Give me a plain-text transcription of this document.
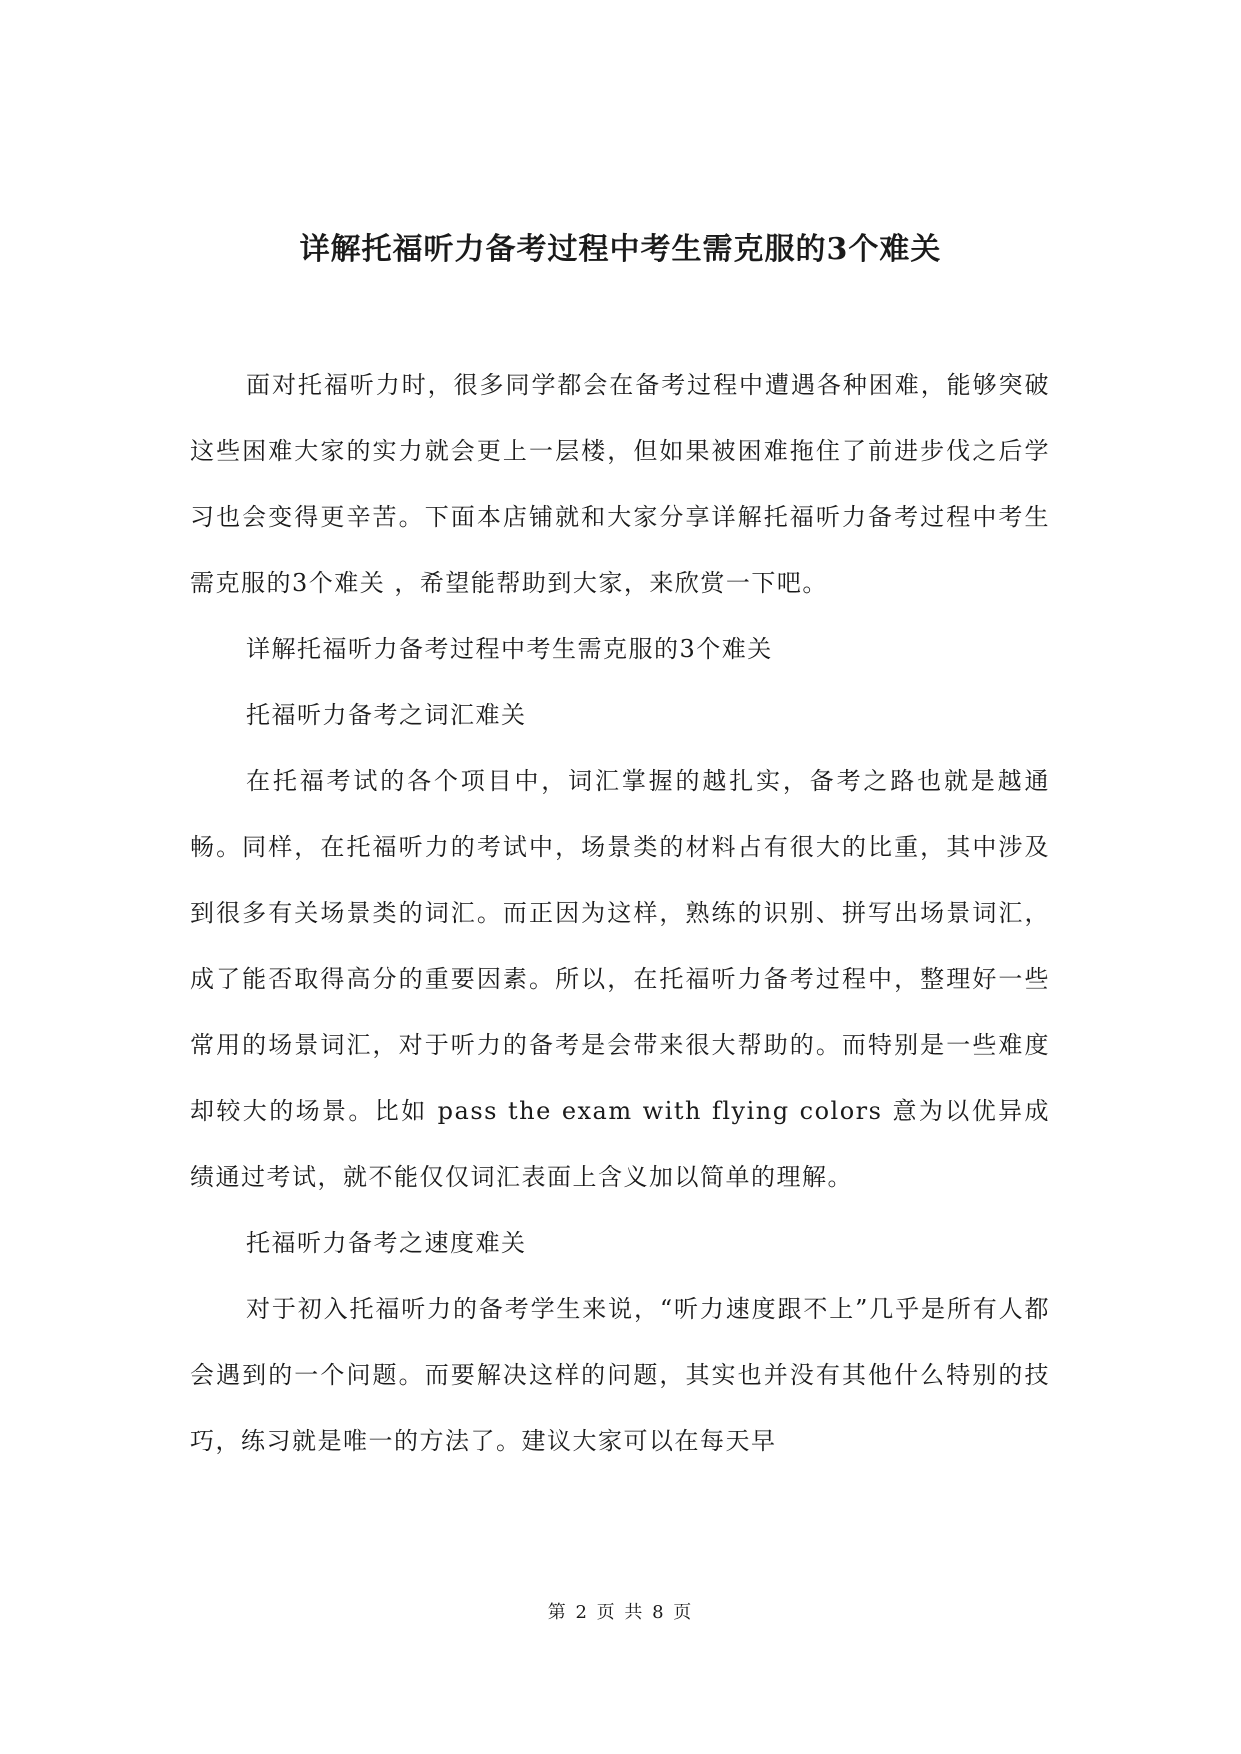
详解托福听力备考过程中考生需克服的3个难关

面对托福听力时，很多同学都会在备考过程中遭遇各种困难，能够突破这些困难大家的实力就会更上一层楼，但如果被困难拖住了前进步伐之后学习也会变得更辛苦。下面本店铺就和大家分享详解托福听力备考过程中考生需克服的3个难关 ，希望能帮助到大家，来欣赏一下吧。

详解托福听力备考过程中考生需克服的3个难关

托福听力备考之词汇难关

在托福考试的各个项目中，词汇掌握的越扎实，备考之路也就是越通畅。同样，在托福听力的考试中，场景类的材料占有很大的比重，其中涉及到很多有关场景类的词汇。而正因为这样，熟练的识别、拼写出场景词汇，成了能否取得高分的重要因素。所以，在托福听力备考过程中，整理好一些常用的场景词汇，对于听力的备考是会带来很大帮助的。而特别是一些难度却较大的场景。比如 pass the exam with flying colors 意为以优异成绩通过考试，就不能仅仅词汇表面上含义加以简单的理解。

托福听力备考之速度难关

对于初入托福听力的备考学生来说，“听力速度跟不上”几乎是所有人都会遇到的一个问题。而要解决这样的问题，其实也并没有其他什么特别的技巧，练习就是唯一的方法了。建议大家可以在每天早

第 2 页 共 8 页
